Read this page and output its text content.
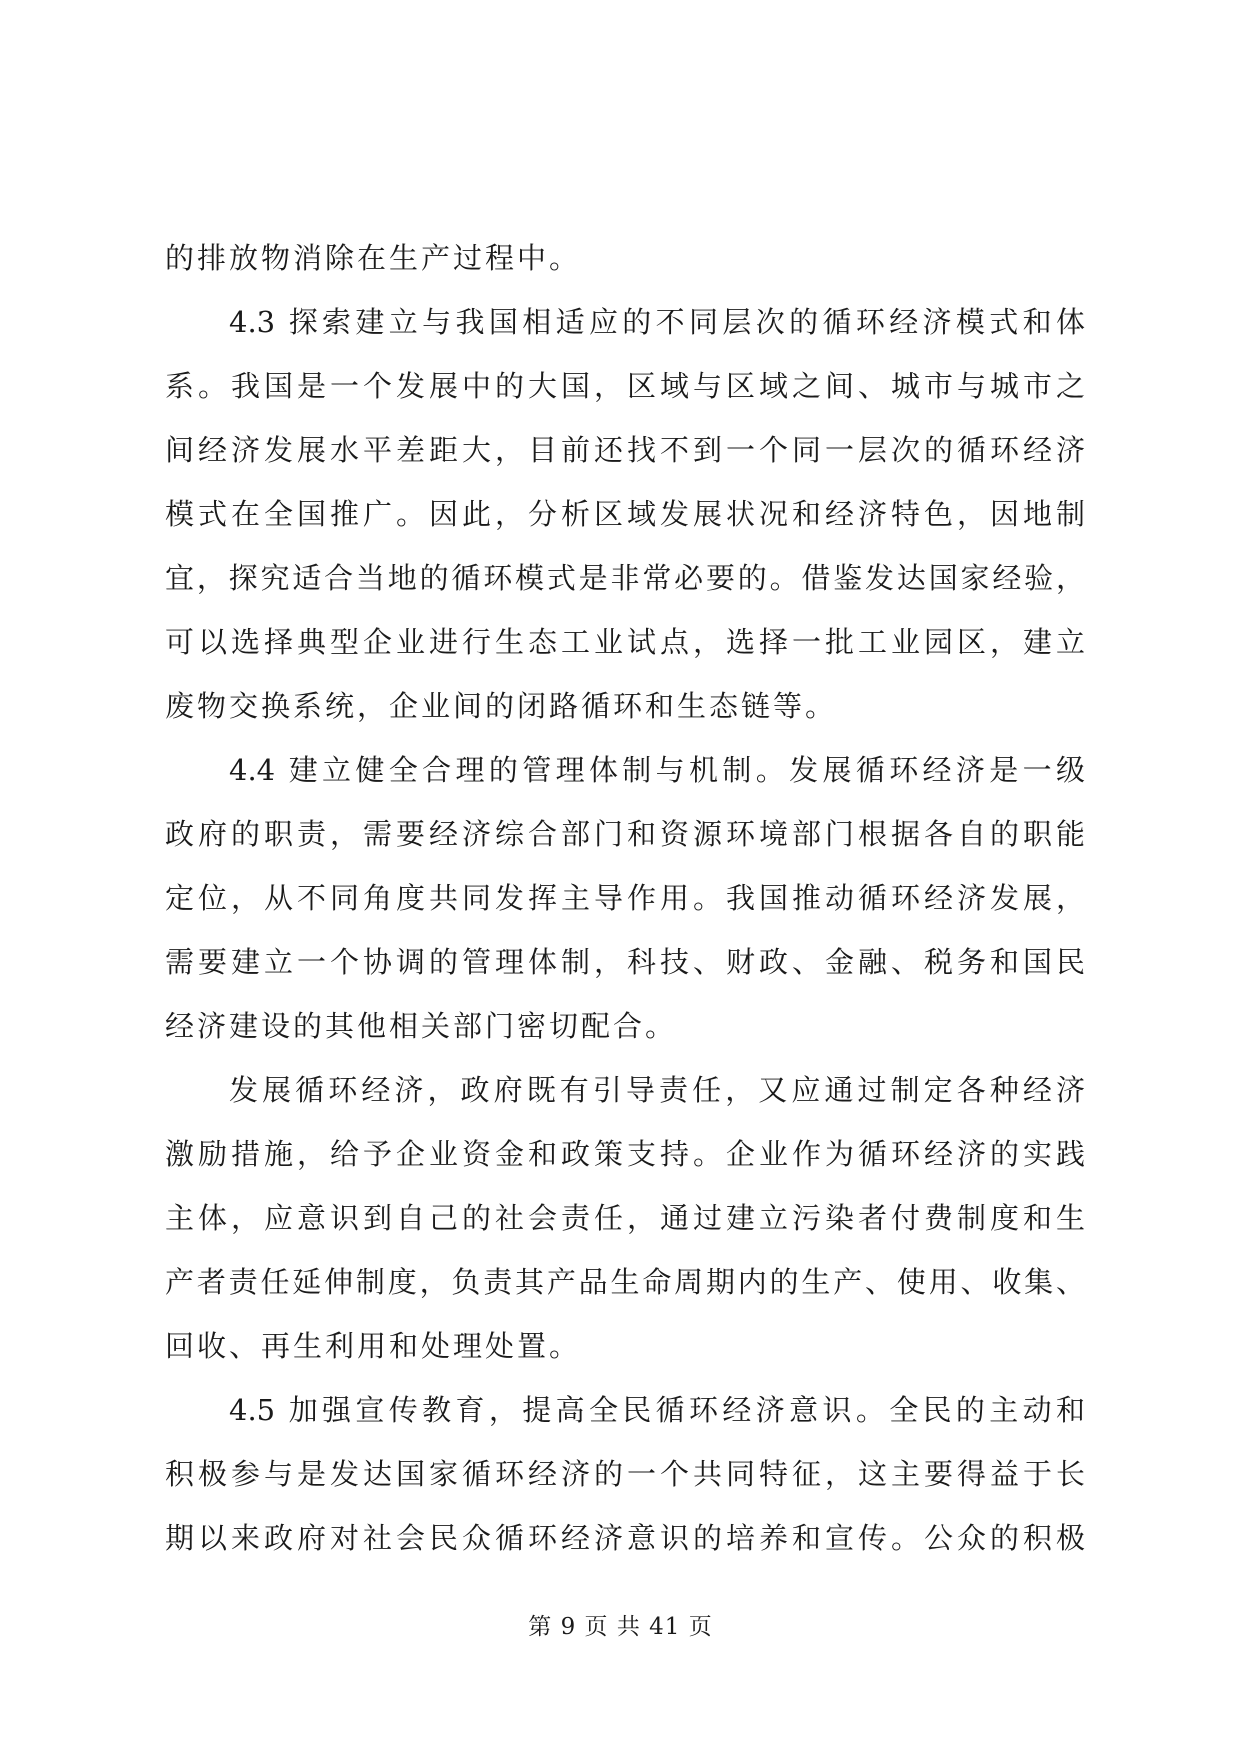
的排放物消除在生产过程中。
4.3 探索建立与我国相适应的不同层次的循环经济模式和体
系。我国是一个发展中的大国，区域与区域之间、城市与城市之
间经济发展水平差距大，目前还找不到一个同一层次的循环经济
模式在全国推广。因此，分析区域发展状况和经济特色，因地制
宜，探究适合当地的循环模式是非常必要的。借鉴发达国家经验，
可以选择典型企业进行生态工业试点，选择一批工业园区，建立
废物交换系统，企业间的闭路循环和生态链等。
4.4 建立健全合理的管理体制与机制。发展循环经济是一级
政府的职责，需要经济综合部门和资源环境部门根据各自的职能
定位，从不同角度共同发挥主导作用。我国推动循环经济发展，
需要建立一个协调的管理体制，科技、财政、金融、税务和国民
经济建设的其他相关部门密切配合。
发展循环经济，政府既有引导责任，又应通过制定各种经济
激励措施，给予企业资金和政策支持。企业作为循环经济的实践
主体，应意识到自己的社会责任，通过建立污染者付费制度和生
产者责任延伸制度，负责其产品生命周期内的生产、使用、收集、
回收、再生利用和处理处置。
4.5 加强宣传教育，提高全民循环经济意识。全民的主动和
积极参与是发达国家循环经济的一个共同特征，这主要得益于长
期以来政府对社会民众循环经济意识的培养和宣传。公众的积极
第 9 页 共 41 页
